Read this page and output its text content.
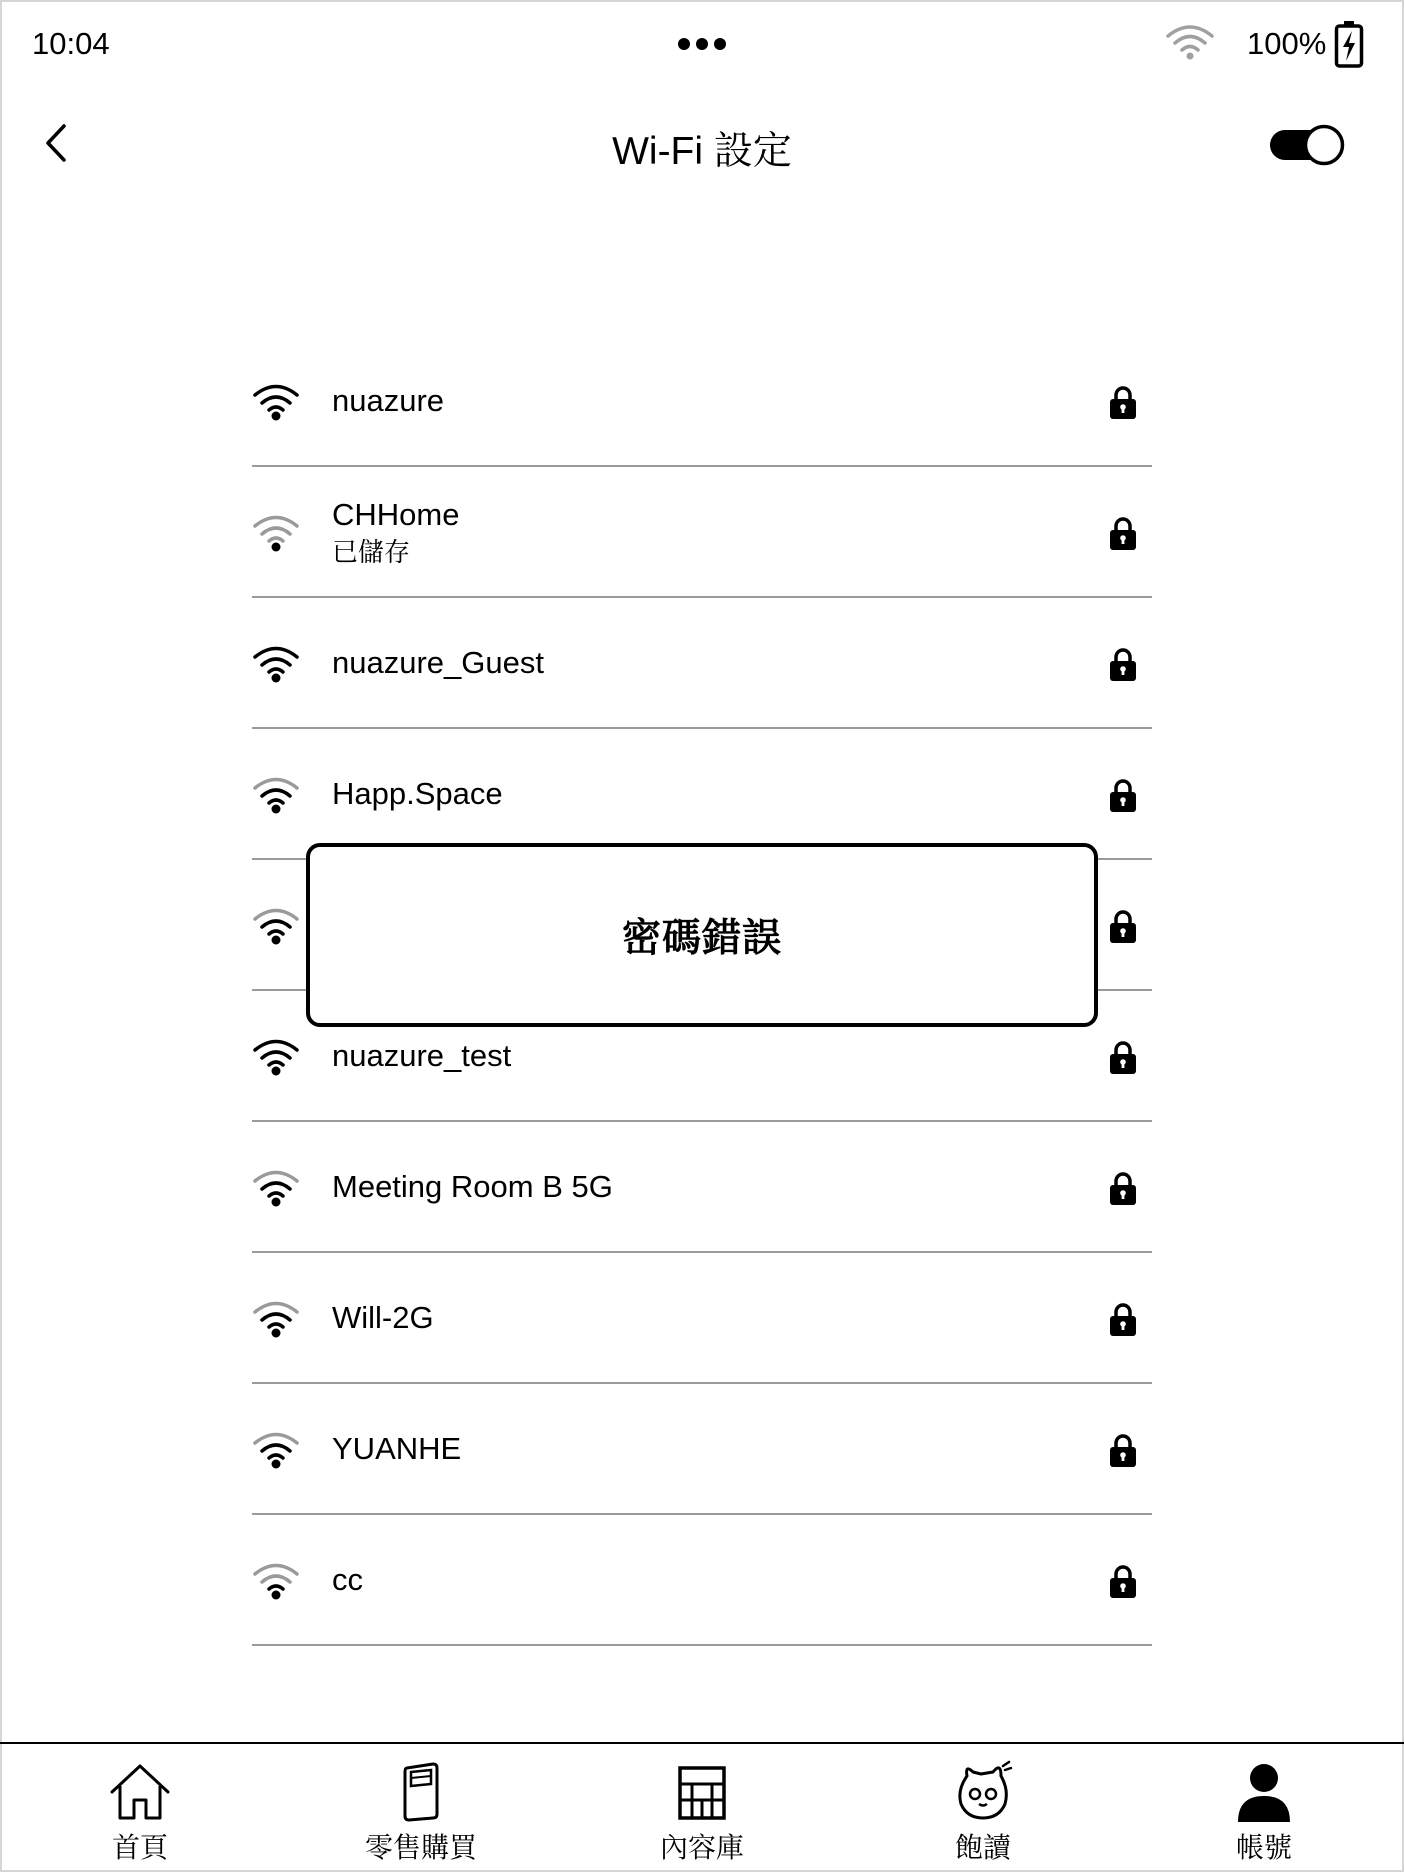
10:04	100%
Wi-Fi 設定
nuazure
CHHome
已儲存
nuazure_Guest
Happ.Space
nuazure_test
Meeting Room B 5G
Will-2G
YUANHE
cc
密碼錯誤
首頁	零售購買	內容庫	飽讀	帳號
